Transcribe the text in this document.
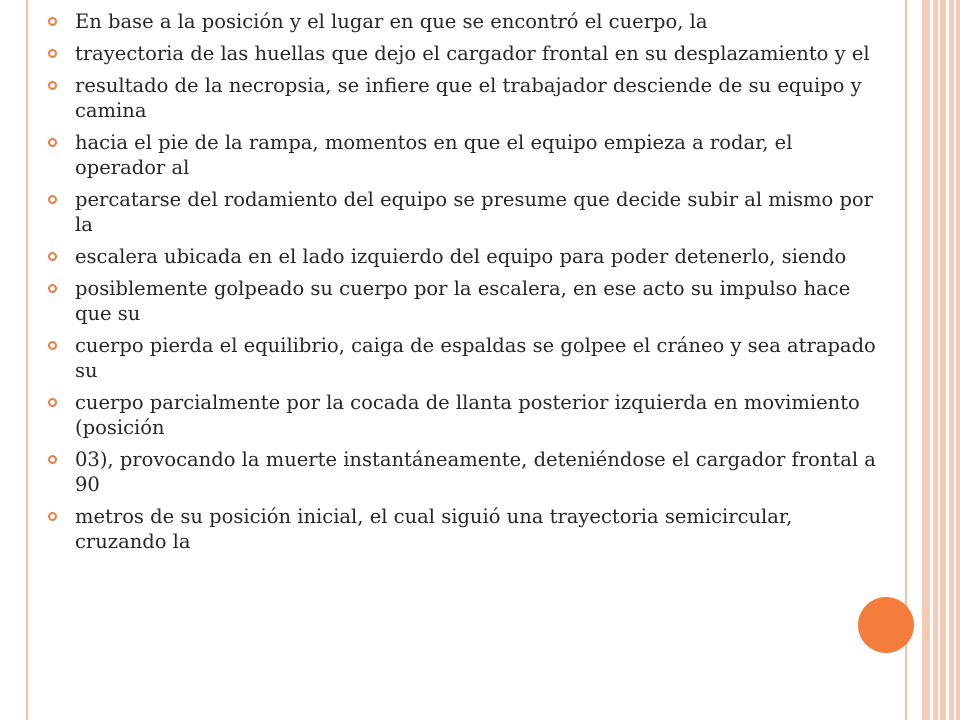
En base a la posición y el lugar en que se encontró el cuerpo, la
trayectoria de las huellas que dejo el cargador frontal en su desplazamiento y el
resultado de la necropsia, se infiere que el trabajador desciende de su equipo y camina
hacia el pie de la rampa, momentos en que el equipo empieza a rodar, el operador al
percatarse del rodamiento del equipo se presume que decide subir al mismo por la
escalera ubicada en el lado izquierdo del equipo para poder detenerlo, siendo
posiblemente golpeado su cuerpo por la escalera, en ese acto su impulso hace que su
cuerpo pierda el equilibrio, caiga de espaldas se golpee el cráneo y sea atrapado su
cuerpo parcialmente por la cocada de llanta posterior izquierda en movimiento (posición
03), provocando la muerte instantáneamente, deteniéndose el cargador frontal a 90
metros de su posición inicial, el cual siguió una trayectoria semicircular, cruzando la
